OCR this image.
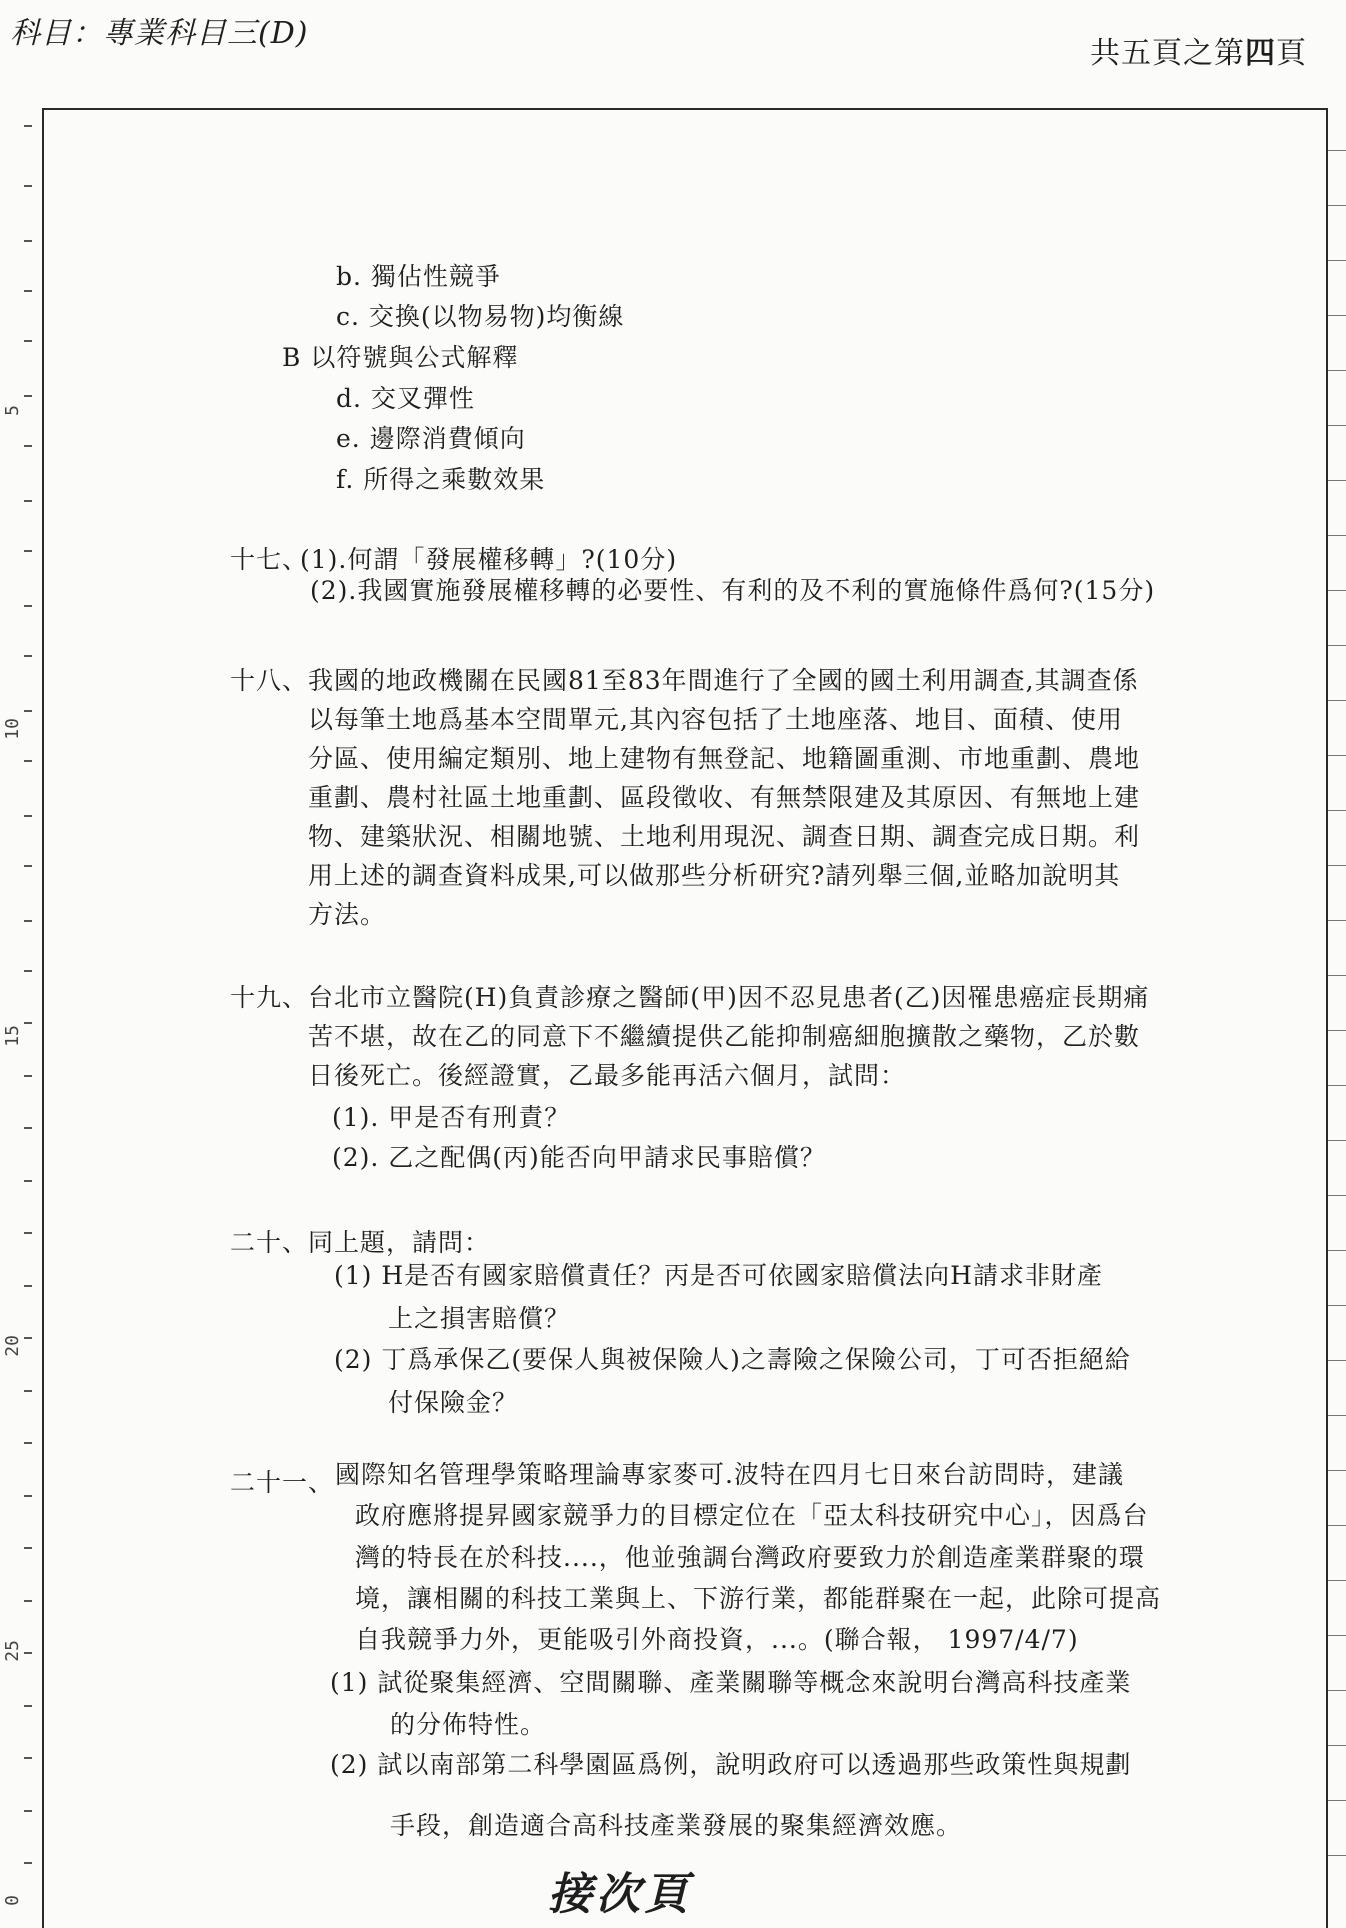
科目：專業科目三(D)
共五頁之第四頁
5
10
15
20
25
0
b. 獨佔性競爭
c. 交換(以物易物)均衡線
B 以符號與公式解釋
d. 交叉彈性
e. 邊際消費傾向
f. 所得之乘數效果
十七、
(1).何謂「發展權移轉」?(10分)
(2).我國實施發展權移轉的必要性、有利的及不利的實施條件爲何?(15分)
十八、 我國的地政機關在民國81至83年間進行了全國的國土利用調查,其調查係
以每筆土地爲基本空間單元,其內容包括了土地座落、地目、面積、使用
分區、使用編定類別、地上建物有無登記、地籍圖重測、市地重劃、農地
重劃、農村社區土地重劃、區段徵收、有無禁限建及其原因、有無地上建
物、建築狀況、相關地號、土地利用現況、調查日期、調查完成日期。利
用上述的調查資料成果,可以做那些分析研究?請列舉三個,並略加說明其
方法。
十九、 台北市立醫院(H)負責診療之醫師(甲)因不忍見患者(乙)因罹患癌症長期痛
苦不堪，故在乙的同意下不繼續提供乙能抑制癌細胞擴散之藥物，乙於數
日後死亡。後經證實，乙最多能再活六個月，試問：
(1). 甲是否有刑責？
(2). 乙之配偶(丙)能否向甲請求民事賠償？
二十、 同上題，請問：
(1) H是否有國家賠償責任？丙是否可依國家賠償法向H請求非財產
上之損害賠償？
(2) 丁爲承保乙(要保人與被保險人)之壽險之保險公司，丁可否拒絕給
付保險金？
二十一、 國際知名管理學策略理論專家麥可.波特在四月七日來台訪問時，建議
政府應將提昇國家競爭力的目標定位在「亞太科技研究中心」，因爲台
灣的特長在於科技....，他並強調台灣政府要致力於創造產業群聚的環
境，讓相關的科技工業與上、下游行業，都能群聚在一起，此除可提高
自我競爭力外，更能吸引外商投資，...。(聯合報， 1997/4/7)
(1) 試從聚集經濟、空間關聯、產業關聯等概念來說明台灣高科技產業
的分佈特性。
(2) 試以南部第二科學園區爲例，說明政府可以透過那些政策性與規劃
手段，創造適合高科技產業發展的聚集經濟效應。
接次頁
